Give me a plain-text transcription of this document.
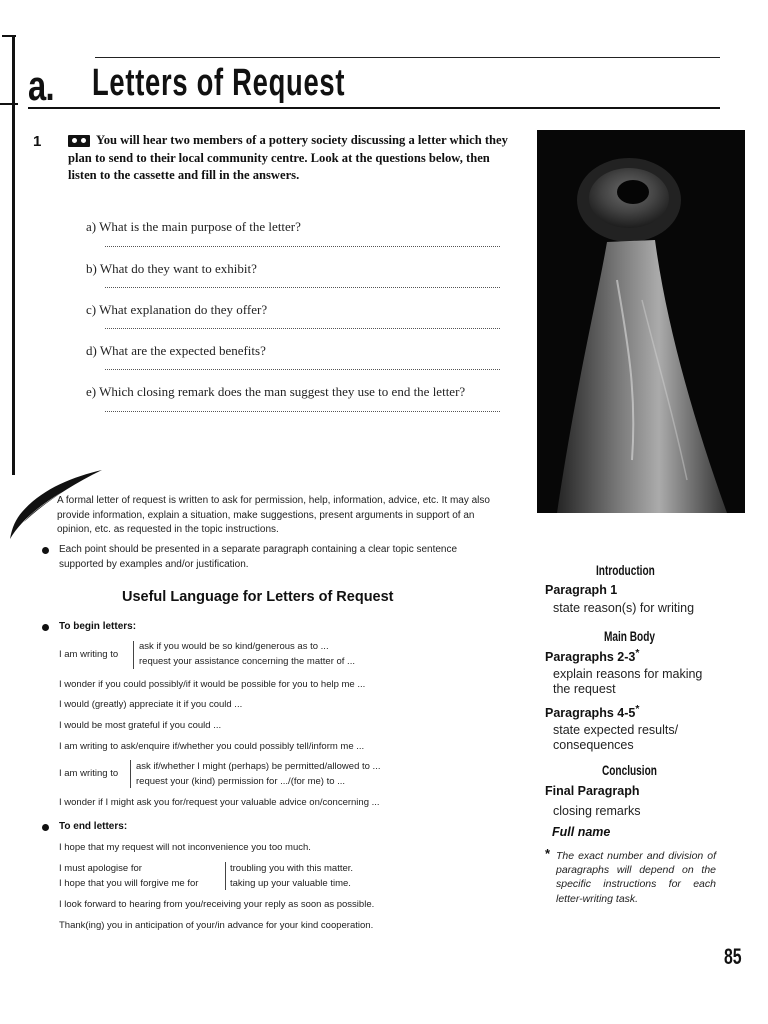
a. Letters of Request
1	You will hear two members of a pottery society discussing a letter which they plan to send to their local community centre. Look at the questions below, then listen to the cassette and fill in the answers.
a) What is the main purpose of the letter?
b) What do they want to exhibit?
c) What explanation do they offer?
d) What are the expected benefits?
e) Which closing remark does the man suggest they use to end the letter?
A formal letter of request is written to ask for permission, help, information, advice, etc. It may also provide information, explain a situation, make suggestions, present arguments in support of an opinion, etc. as requested in the topic instructions.
Each point should be presented in a separate paragraph containing a clear topic sentence supported by examples and/or justification.
Useful Language for Letters of Request
To begin letters:
I am writing to
ask if you would be so kind/generous as to ...
request your assistance concerning the matter of ...
I wonder if you could possibly/if it would be possible for you to help me ...
I would (greatly) appreciate it if you could ...
I would be most grateful if you could ...
I am writing to ask/enquire if/whether you could possibly tell/inform me ...
I am writing to
ask if/whether I might (perhaps) be permitted/allowed to ...
request your (kind) permission for .../(for me) to ...
I wonder if I might ask you for/request your valuable advice on/concerning ...
To end letters:
I hope that my request will not inconvenience you too much.
I must apologise for
I hope that you will forgive me for
troubling you with this matter.
taking up your valuable time.
I look forward to hearing from you/receiving your reply as soon as possible.
Thank(ing) you in anticipation of your/in advance for your kind cooperation.
Introduction
Paragraph 1
state reason(s) for writing
Main Body
Paragraphs 2-3*
explain reasons for making the request
Paragraphs 4-5*
state expected results/ consequences
Conclusion
Final Paragraph
closing remarks
Full name
* The exact number and division of paragraphs will depend on the specific instructions for each letter-writing task.
85
